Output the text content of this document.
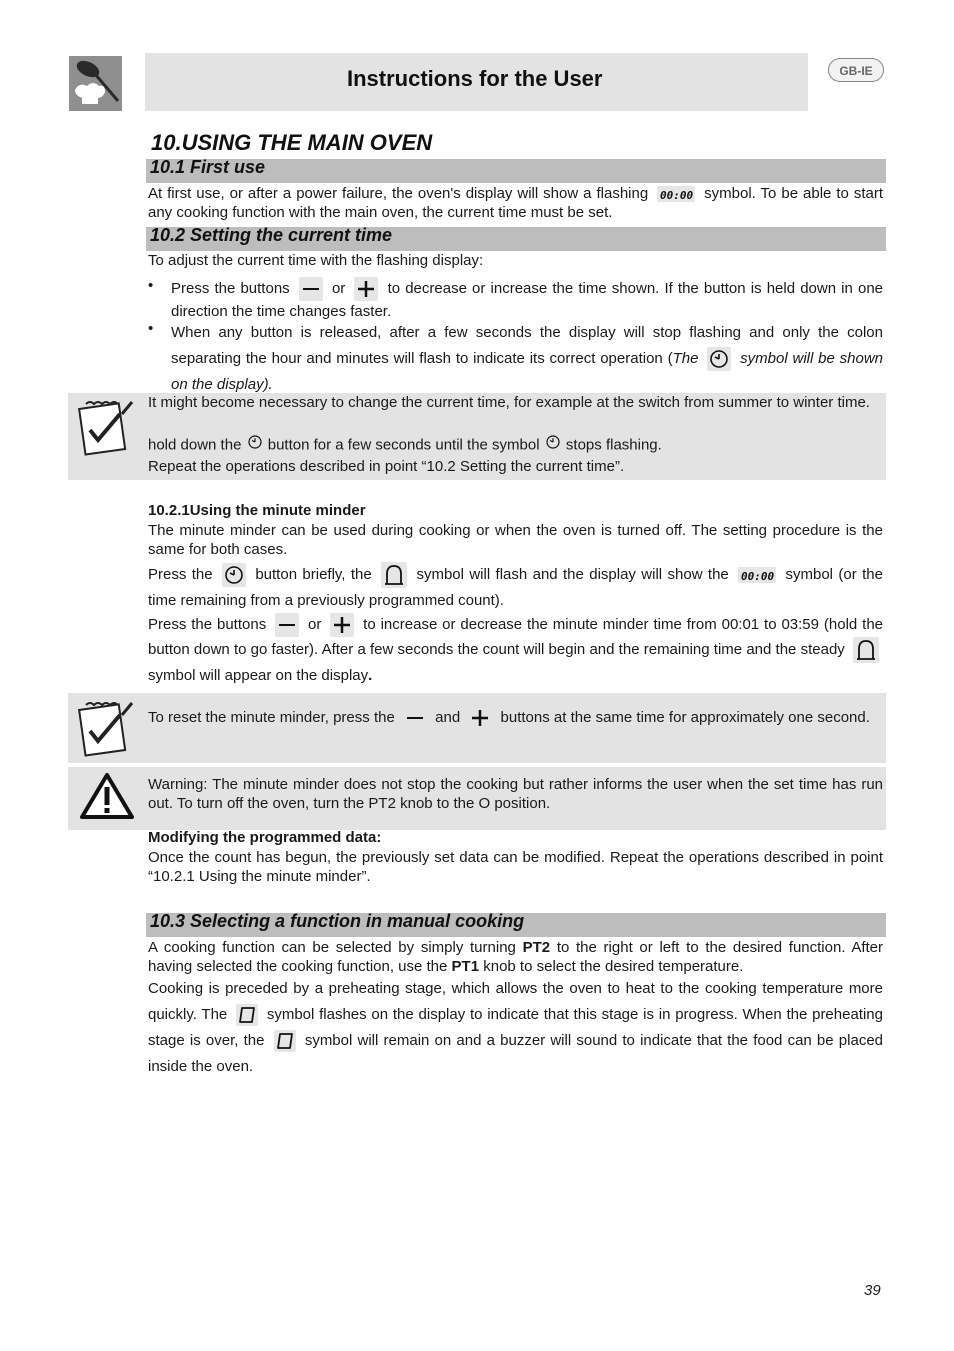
Instructions for the User	GB-IE
10.USING THE MAIN OVEN
10.1 First use
At first use, or after a power failure, the oven's display will show a flashing 00:00 symbol. To be able to start any cooking function with the main oven, the current time must be set.
10.2 Setting the current time
To adjust the current time with the flashing display:
• Press the buttons	or	to decrease or increase the time shown. If the button is held down in one direction the time changes faster.
• When any button is released, after a few seconds the display will stop flashing and only the colon separating the hour and minutes will flash to indicate its correct operation (The	symbol will be shown on the display).
It might become necessary to change the current time, for example at the switch from summer to winter time.
hold down the button for a few seconds until the symbol stops flashing.
Repeat the operations described in point “10.2 Setting the current time”.
10.2.1Using the minute minder
The minute minder can be used during cooking or when the oven is turned off. The setting procedure is the same for both cases.
Press the	button briefly, the	symbol will flash and the display will show the 00:00 symbol (or the time remaining from a previously programmed count).
Press the buttons	or	to increase or decrease the minute minder time from 00:01 to 03:59 (hold the button down to go faster). After a few seconds the count will begin and the remaining time and the steady
symbol will appear on the display.
To reset the minute minder, press the	and	buttons at the same time for approximately one second.
Warning: The minute minder does not stop the cooking but rather informs the user when the set time has run out. To turn off the oven, turn the PT2 knob to the O position.
Modifying the programmed data:
Once the count has begun, the previously set data can be modified. Repeat the operations described in point “10.2.1 Using the minute minder”.
10.3 Selecting a function in manual cooking
A cooking function can be selected by simply turning PT2 to the right or left to the desired function. After having selected the cooking function, use the PT1 knob to select the desired temperature.
Cooking is preceded by a preheating stage, which allows the oven to heat to the cooking temperature more quickly. The	symbol flashes on the display to indicate that this stage is in progress. When the preheating stage is over, the	symbol will remain on and a buzzer will sound to indicate that the food can be placed inside the oven.
39
